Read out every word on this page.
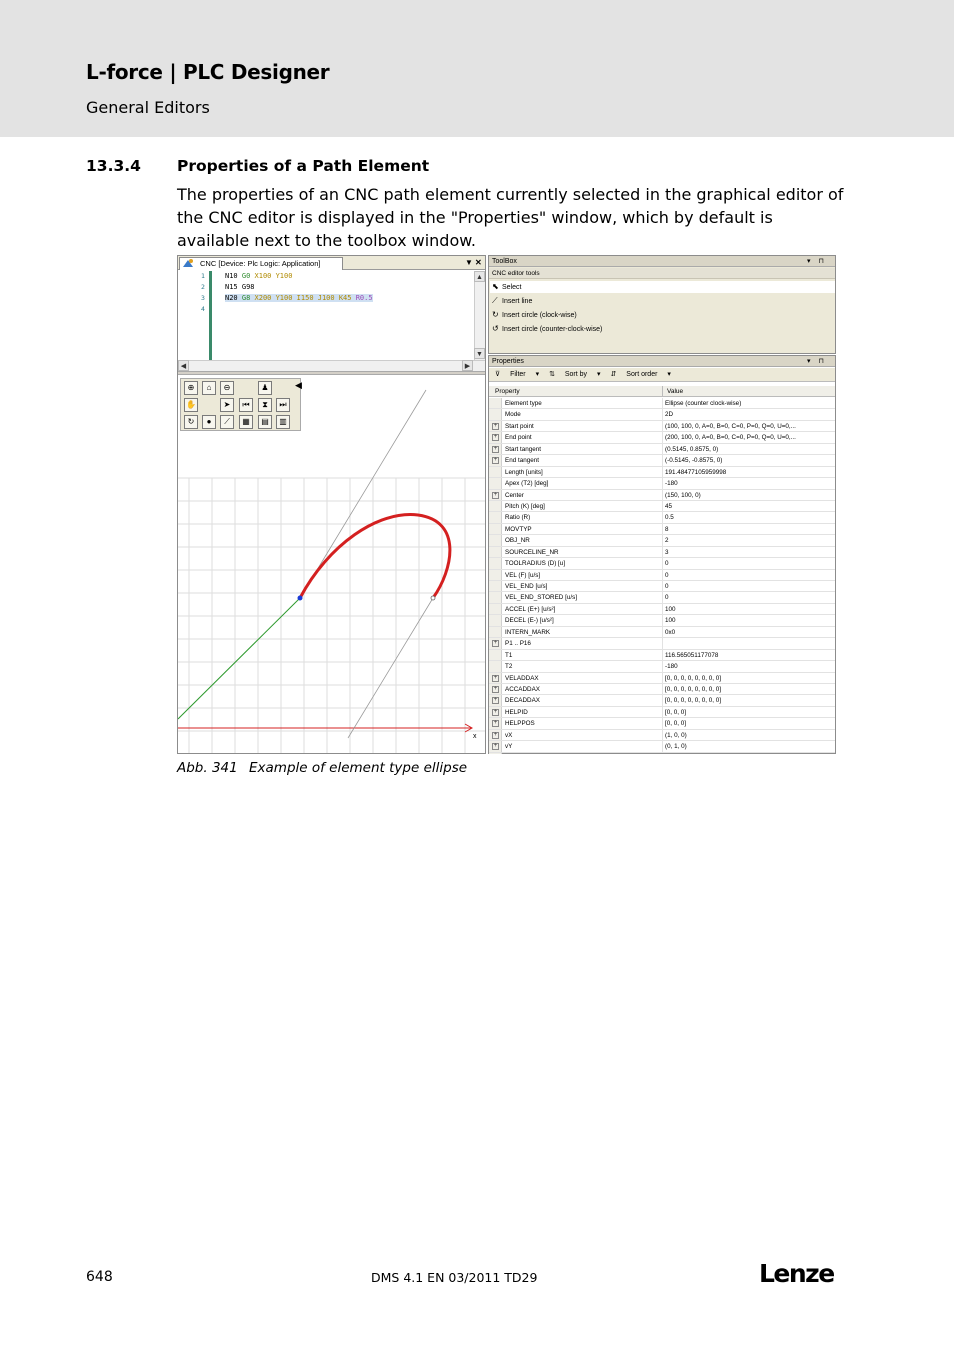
L-force | PLC Designer
General Editors
13.3.4 Properties of a Path Element
The properties of an CNC path element currently selected in the graphical editor of the CNC editor is displayed in the "Properties" window, which by default is available next to the toolbox window.
CNC [Device: Plc Logic: Application]	▼ ✕
1
2
3
4
N10 G0 X100 Y100
N15 G98
N20 G8 X200 Y100 I150 J100 K45 R0.5
▲
▼
◀	▶
x
⊕	⌂	⊖	♟
✋	➤	⏮	⧗	⏭
↻	●	⟋	▦	▤	▥
◀
ToolBox	▾⊓
CNC editor tools
⬉ Select
⟋ Insert line
↻ Insert circle (clock-wise)
↺ Insert circle (counter-clock-wise)
Properties	▾⊓
⊽ Filter ▾ ⇅ Sort by ▾ ⇵ Sort order ▾
Property	Value
Element type	Ellipse (counter clock-wise)
Mode	2D
+ Start point	(100, 100, 0, A=0, B=0, C=0, P=0, Q=0, U=0,...
+ End point	(200, 100, 0, A=0, B=0, C=0, P=0, Q=0, U=0,...
+ Start tangent	(0.5145, 0.8575, 0)
+ End tangent	(-0.5145, -0.8575, 0)
Length [units]	191.48477105959998
Apex (T2) [deg]	-180
+ Center	(150, 100, 0)
Pitch (K) [deg]	45
Ratio (R)	0.5
MOVTYP	8
OBJ_NR	2
SOURCELINE_NR	3
TOOLRADIUS (D) [u]	0
VEL (F) [u/s]	0
VEL_END [u/s]	0
VEL_END_STORED [u/s]	0
ACCEL (E+) [u/s²]	100
DECEL (E-) [u/s²]	100
INTERN_MARK	0x0
+ P1 .. P16
T1	116.565051177078
T2	-180
+ VELADDAX	[0, 0, 0, 0, 0, 0, 0, 0]
+ ACCADDAX	[0, 0, 0, 0, 0, 0, 0, 0]
+ DECADDAX	[0, 0, 0, 0, 0, 0, 0, 0]
+ HELPID	[0, 0, 0]
+ HELPPOS	[0, 0, 0]
+ vX	(1, 0, 0)
+ vY	(0, 1, 0)
Abb. 341 Example of element type ellipse
648	DMS 4.1 EN 03/2011 TD29	Lenze
